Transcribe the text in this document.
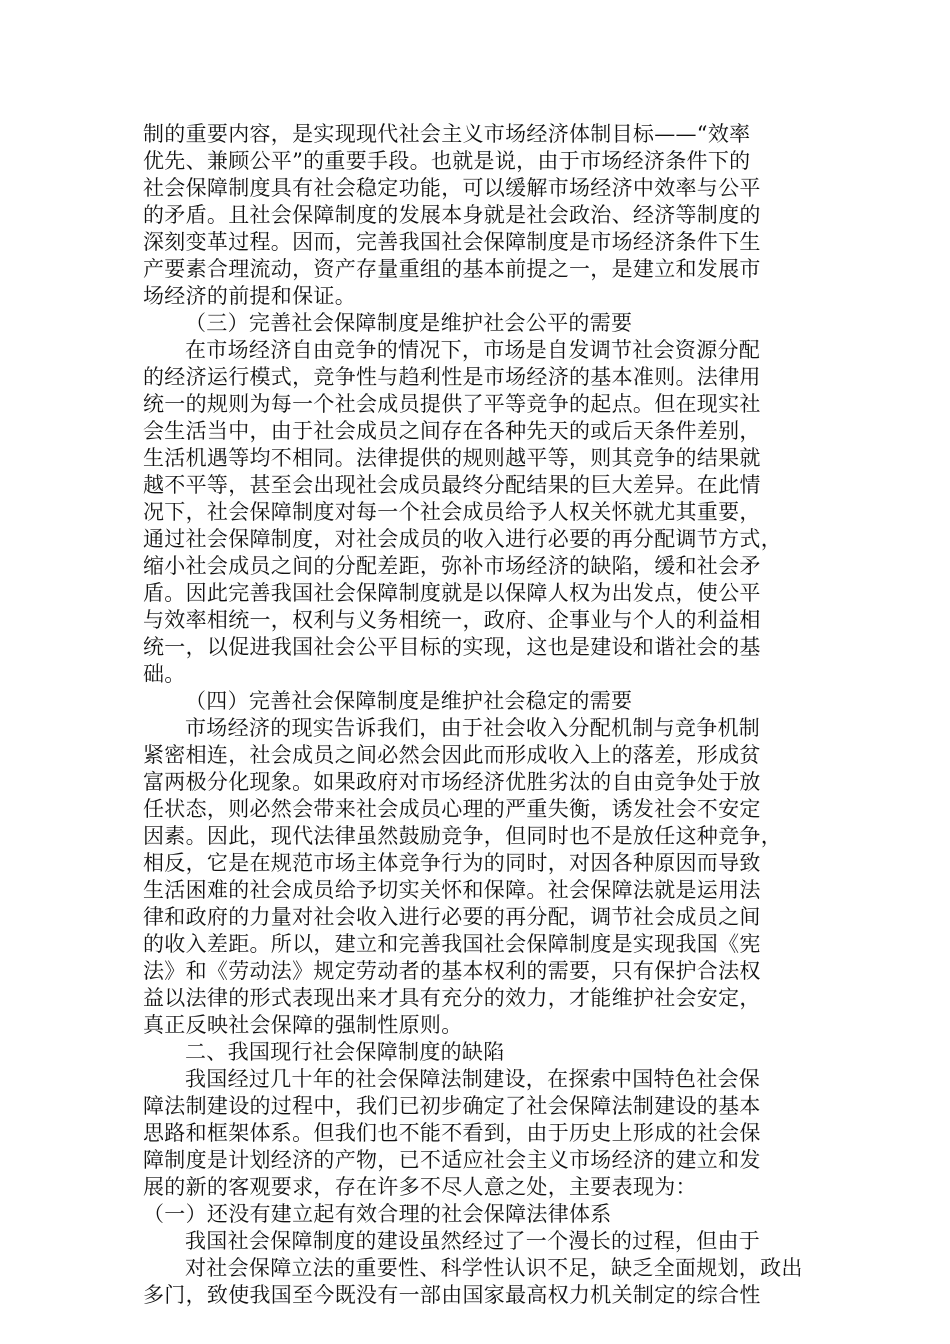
制的重要内容，是实现现代社会主义市场经济体制目标——“效率
优先、兼顾公平”的重要手段。也就是说，由于市场经济条件下的
社会保障制度具有社会稳定功能，可以缓解市场经济中效率与公平
的矛盾。且社会保障制度的发展本身就是社会政治、经济等制度的
深刻变革过程。因而，完善我国社会保障制度是市场经济条件下生
产要素合理流动，资产存量重组的基本前提之一，是建立和发展市
场经济的前提和保证。
（三）完善社会保障制度是维护社会公平的需要
在市场经济自由竞争的情况下，市场是自发调节社会资源分配
的经济运行模式，竞争性与趋利性是市场经济的基本准则。法律用
统一的规则为每一个社会成员提供了平等竞争的起点。但在现实社
会生活当中，由于社会成员之间存在各种先天的或后天条件差别，
生活机遇等均不相同。法律提供的规则越平等，则其竞争的结果就
越不平等，甚至会出现社会成员最终分配结果的巨大差异。在此情
况下，社会保障制度对每一个社会成员给予人权关怀就尤其重要，
通过社会保障制度，对社会成员的收入进行必要的再分配调节方式，
缩小社会成员之间的分配差距，弥补市场经济的缺陷，缓和社会矛
盾。因此完善我国社会保障制度就是以保障人权为出发点，使公平
与效率相统一，权利与义务相统一，政府、企事业与个人的利益相
统一，以促进我国社会公平目标的实现，这也是建设和谐社会的基
础。
（四）完善社会保障制度是维护社会稳定的需要
市场经济的现实告诉我们，由于社会收入分配机制与竞争机制
紧密相连，社会成员之间必然会因此而形成收入上的落差，形成贫
富两极分化现象。如果政府对市场经济优胜劣汰的自由竞争处于放
任状态，则必然会带来社会成员心理的严重失衡，诱发社会不安定
因素。因此，现代法律虽然鼓励竞争，但同时也不是放任这种竞争，
相反，它是在规范市场主体竞争行为的同时，对因各种原因而导致
生活困难的社会成员给予切实关怀和保障。社会保障法就是运用法
律和政府的力量对社会收入进行必要的再分配，调节社会成员之间
的收入差距。所以，建立和完善我国社会保障制度是实现我国《宪
法》和《劳动法》规定劳动者的基本权利的需要，只有保护合法权
益以法律的形式表现出来才具有充分的效力，才能维护社会安定，
真正反映社会保障的强制性原则。
二、我国现行社会保障制度的缺陷
我国经过几十年的社会保障法制建设，在探索中国特色社会保
障法制建设的过程中，我们已初步确定了社会保障法制建设的基本
思路和框架体系。但我们也不能不看到，由于历史上形成的社会保
障制度是计划经济的产物，已不适应社会主义市场经济的建立和发
展的新的客观要求，存在许多不尽人意之处，主要表现为：
（一）还没有建立起有效合理的社会保障法律体系
我国社会保障制度的建设虽然经过了一个漫长的过程，但由于
对社会保障立法的重要性、科学性认识不足，缺乏全面规划，政出
多门，致使我国至今既没有一部由国家最高权力机关制定的综合性
